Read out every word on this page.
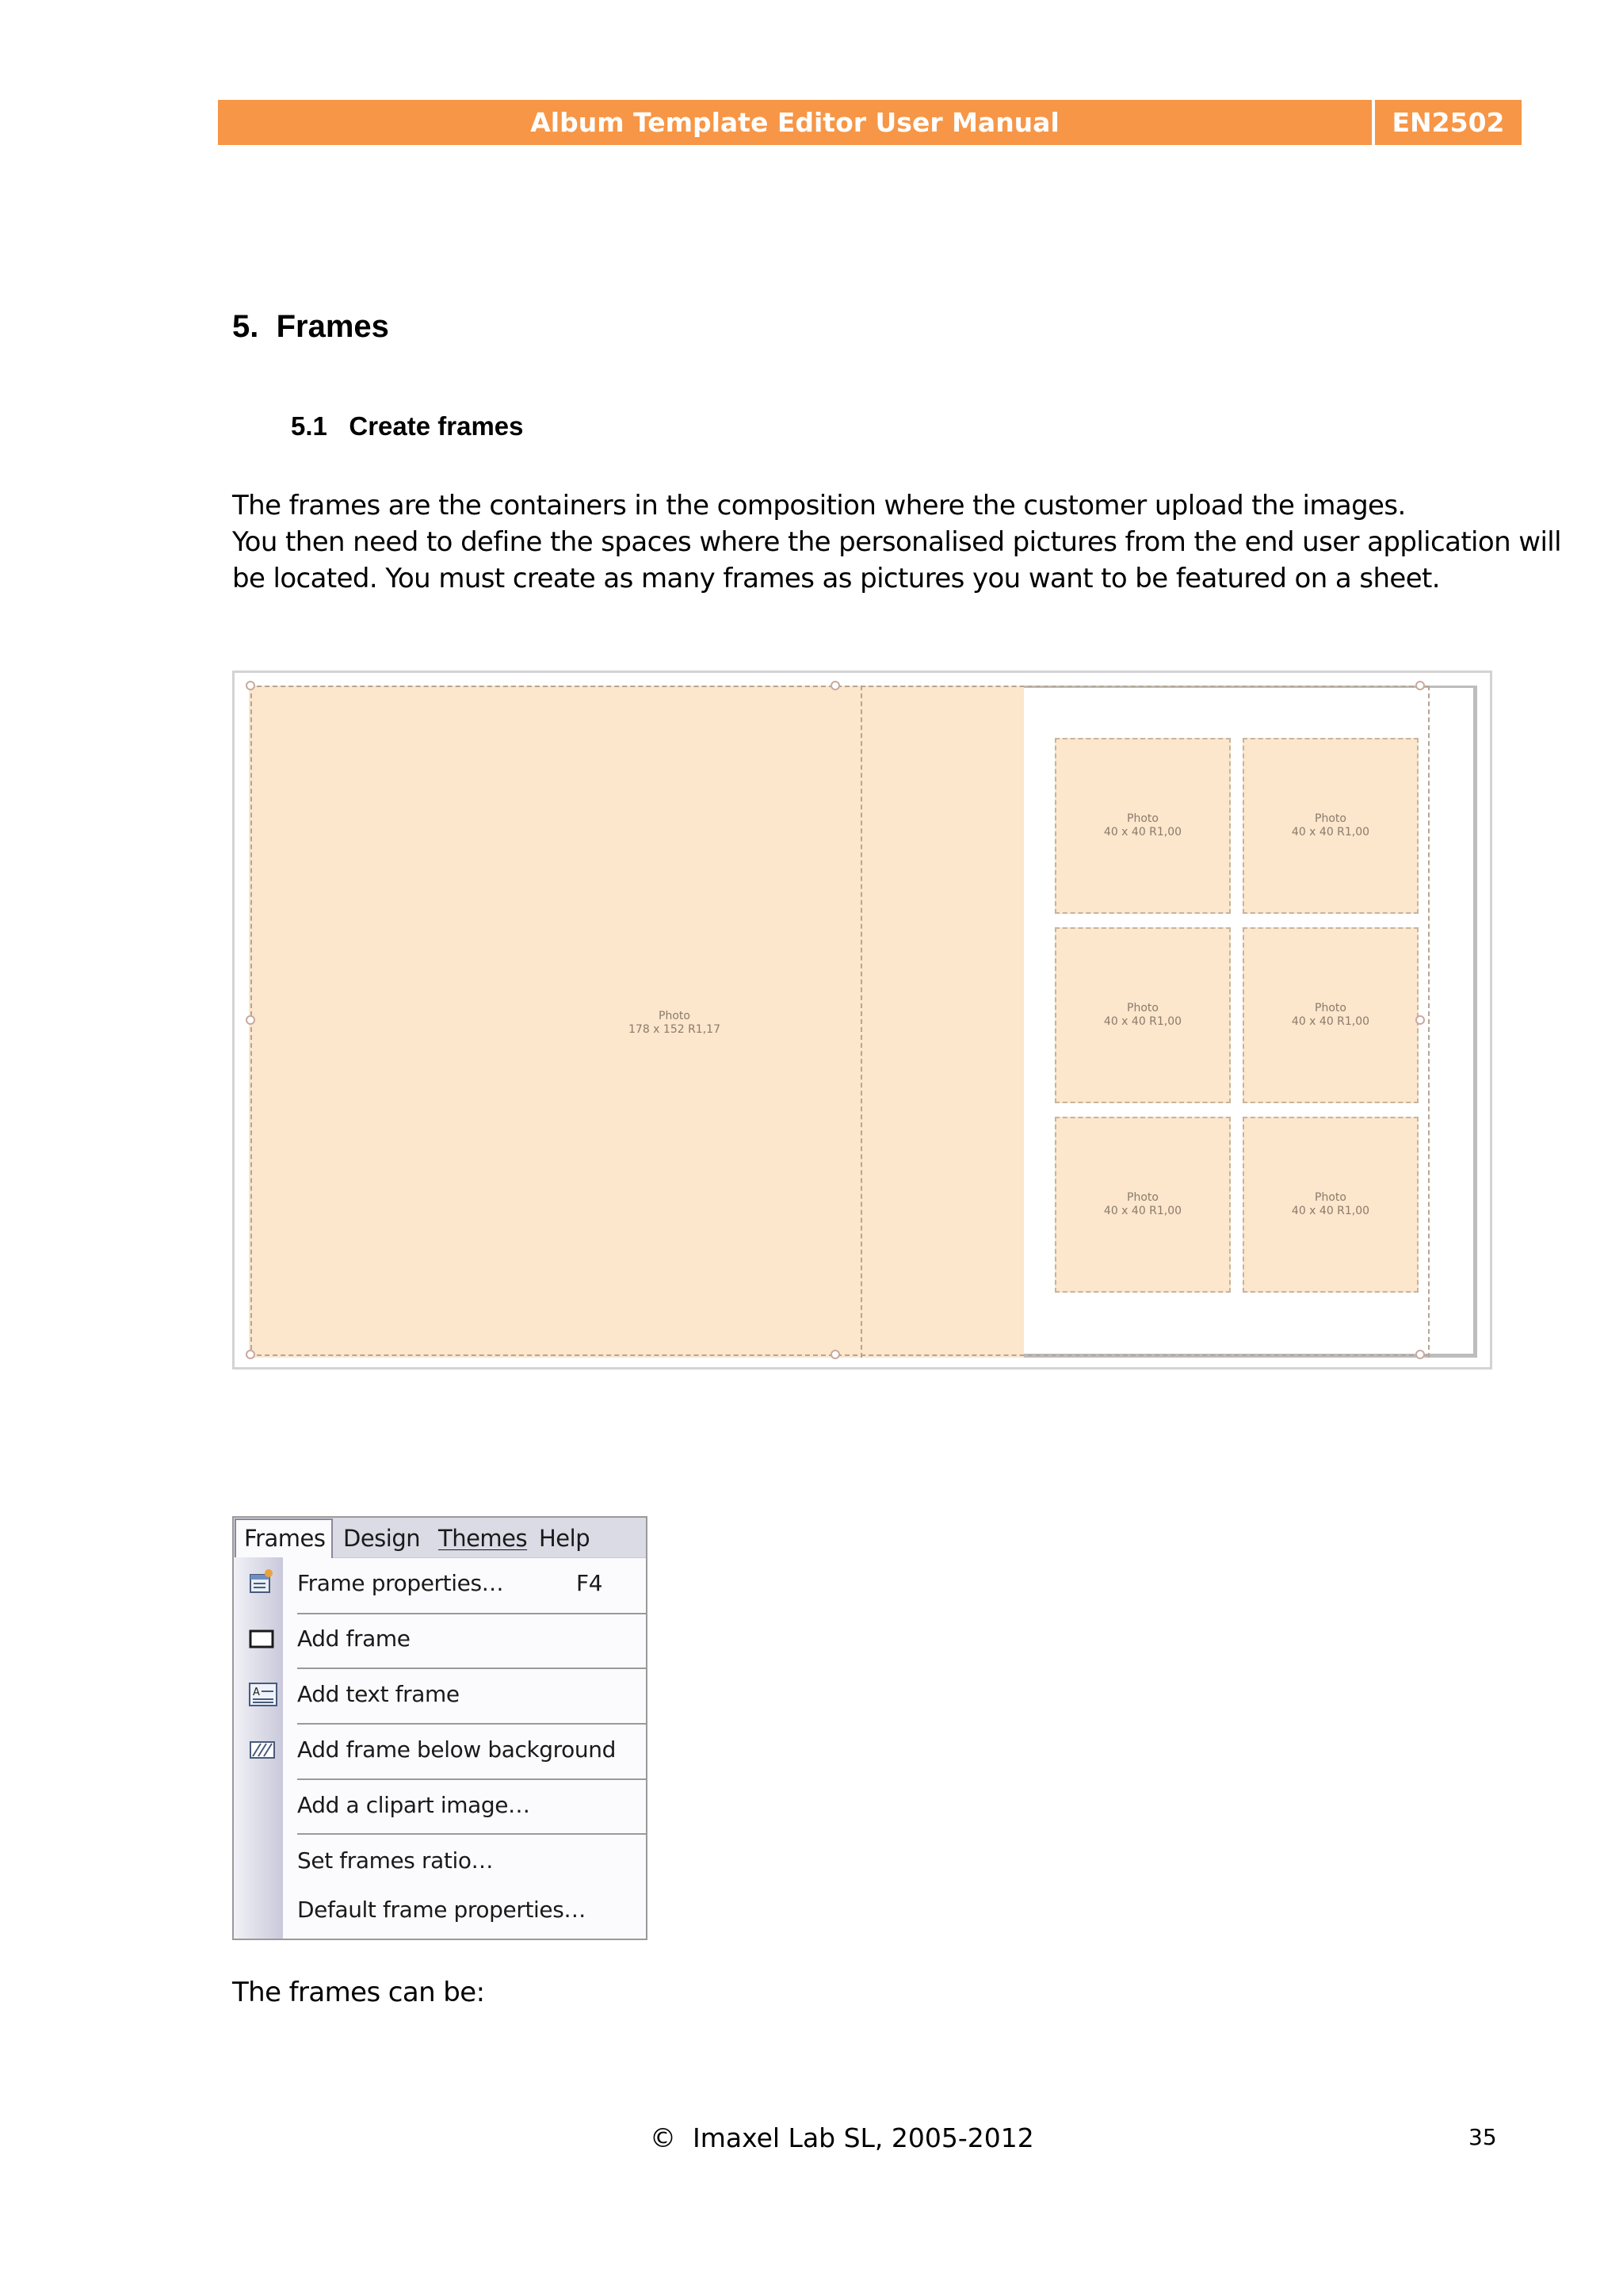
Album Template Editor User Manual	EN2502
5.  Frames
5.1   Create frames
The frames are the containers in the composition where the customer upload the images.
You then need to define the spaces where the personalised pictures from the end user application will
be located. You must create as many frames as pictures you want to be featured on a sheet.
Photo
178 x 152 R1,17
Photo
40 x 40 R1,00
Photo
40 x 40 R1,00
Photo
40 x 40 R1,00
Photo
40 x 40 R1,00
Photo
40 x 40 R1,00
Photo
40 x 40 R1,00
Frames Design Themes Help
Frame properties…	F4
Add frame
A Add text frame
Add frame below background
Add a clipart image…
Set frames ratio…
Default frame properties…
The frames can be:
©  Imaxel Lab SL, 2005-2012	35
